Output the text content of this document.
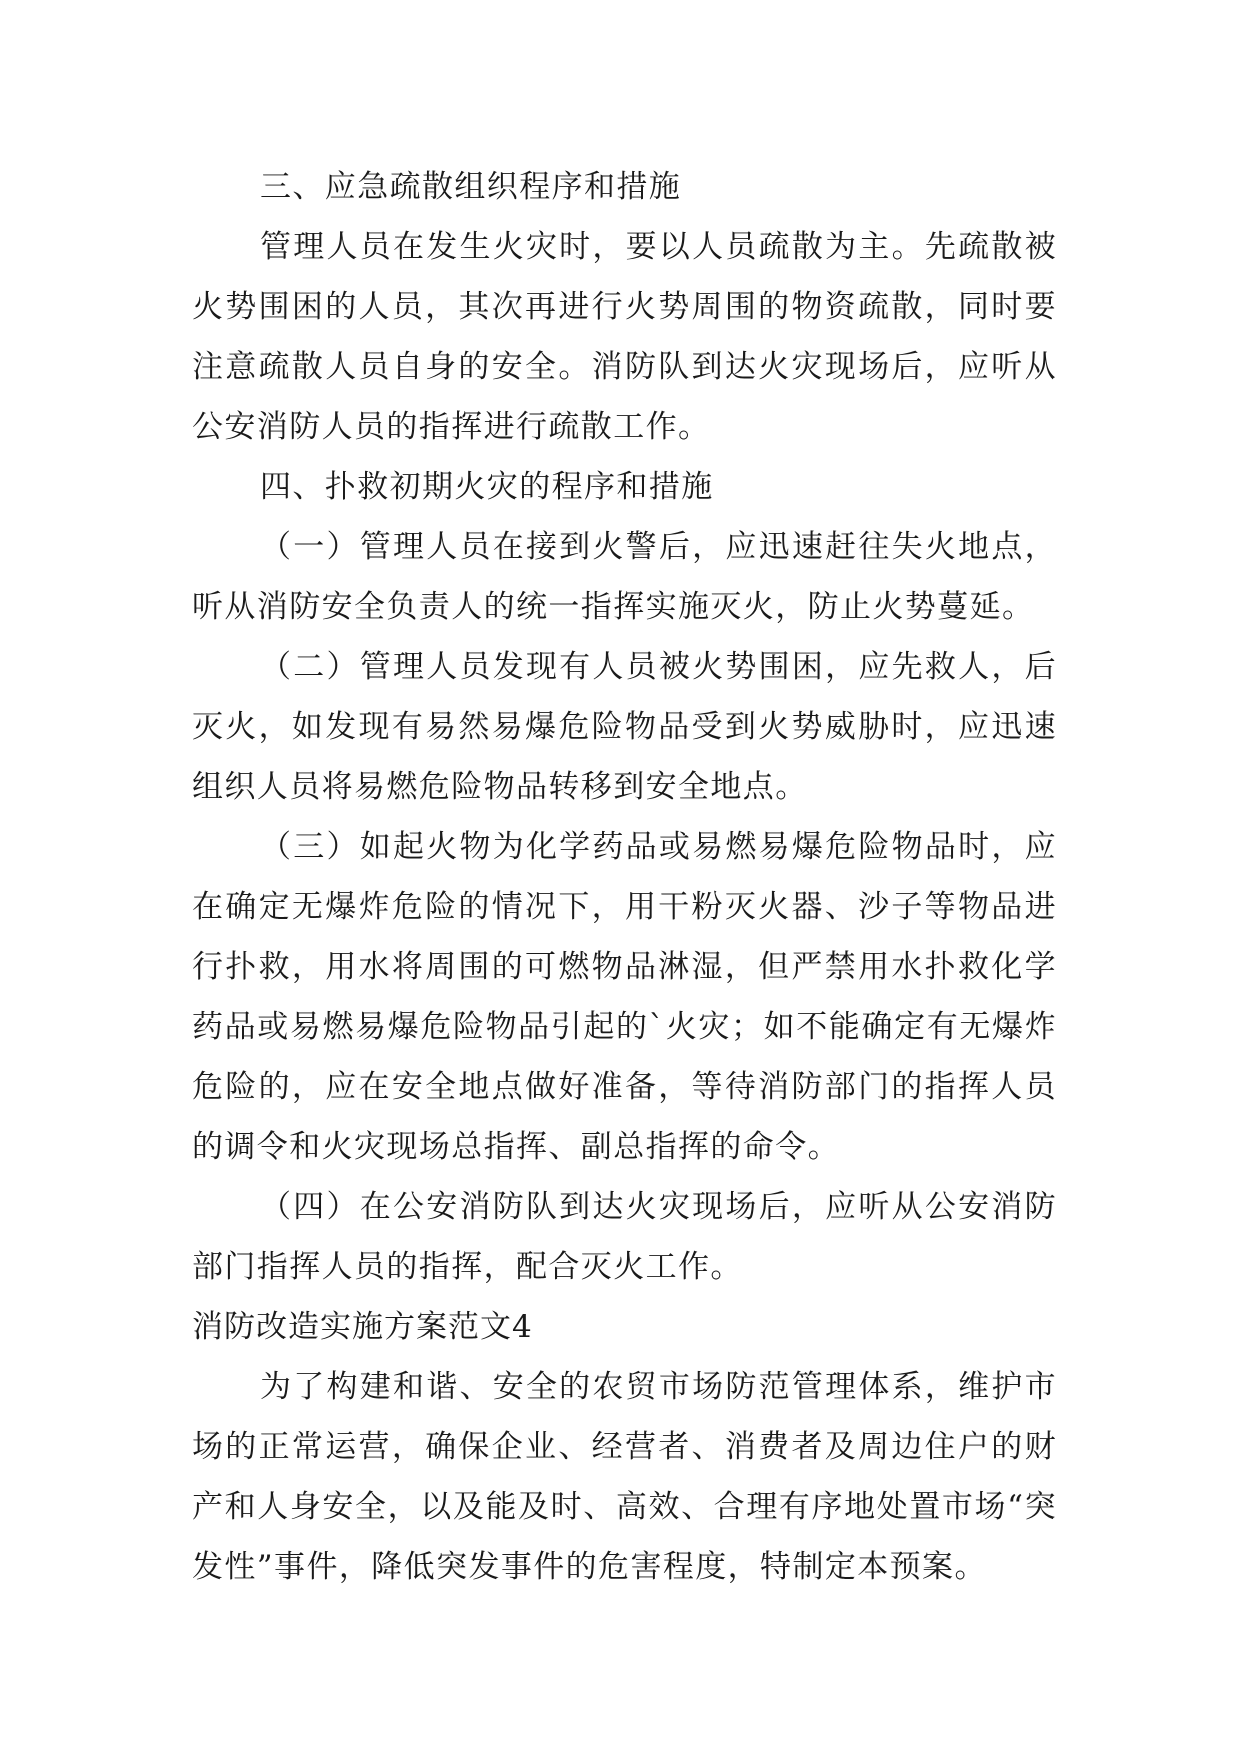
三、应急疏散组织程序和措施

管理人员在发生火灾时，要以人员疏散为主。先疏散被火势围困的人员，其次再进行火势周围的物资疏散，同时要注意疏散人员自身的安全。消防队到达火灾现场后，应听从公安消防人员的指挥进行疏散工作。

四、扑救初期火灾的程序和措施

（一）管理人员在接到火警后，应迅速赶往失火地点，听从消防安全负责人的统一指挥实施灭火，防止火势蔓延。

（二）管理人员发现有人员被火势围困，应先救人，后灭火，如发现有易然易爆危险物品受到火势威胁时，应迅速组织人员将易燃危险物品转移到安全地点。

（三）如起火物为化学药品或易燃易爆危险物品时，应在确定无爆炸危险的情况下，用干粉灭火器、沙子等物品进行扑救，用水将周围的可燃物品淋湿，但严禁用水扑救化学药品或易燃易爆危险物品引起的`火灾；如不能确定有无爆炸危险的，应在安全地点做好准备，等待消防部门的指挥人员的调令和火灾现场总指挥、副总指挥的命令。

（四）在公安消防队到达火灾现场后，应听从公安消防部门指挥人员的指挥，配合灭火工作。

消防改造实施方案范文4

为了构建和谐、安全的农贸市场防范管理体系，维护市场的正常运营，确保企业、经营者、消费者及周边住户的财产和人身安全，以及能及时、高效、合理有序地处置市场“突发性”事件，降低突发事件的危害程度，特制定本预案。
